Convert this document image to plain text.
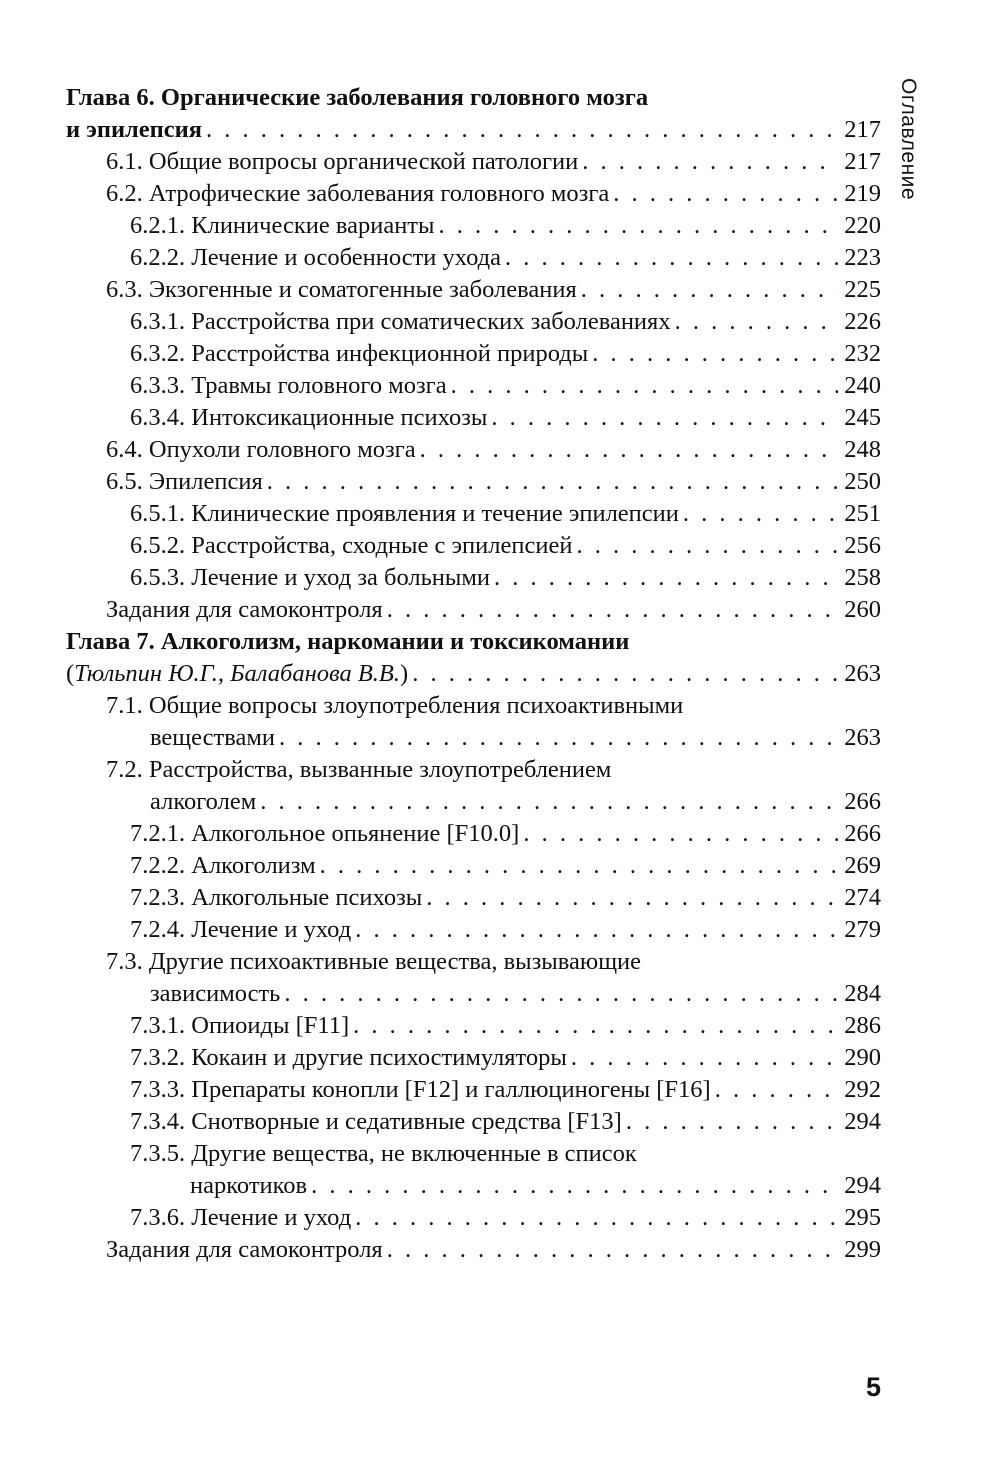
Оглавление
Глава 6. Органические заболевания головного мозга
и эпилепсия . . .	217
6.1. Общие вопросы органической патологии . . .	217
6.2. Атрофические заболевания головного мозга . . .	219
6.2.1. Клинические варианты . . .	220
6.2.2. Лечение и особенности ухода . . .	223
6.3. Экзогенные и соматогенные заболевания . . .	225
6.3.1. Расстройства при соматических заболеваниях . . .	226
6.3.2. Расстройства инфекционной природы . . .	232
6.3.3. Травмы головного мозга . . .	240
6.3.4. Интоксикационные психозы . . .	245
6.4. Опухоли головного мозга . . .	248
6.5. Эпилепсия . . .	250
6.5.1. Клинические проявления и течение эпилепсии . . .	251
6.5.2. Расстройства, сходные с эпилепсией . . .	256
6.5.3. Лечение и уход за больными . . .	258
Задания для самоконтроля . . .	260
Глава 7. Алкоголизм, наркомании и токсикомании
(Тюльпин Ю.Г., Балабанова В.В.) . . .	263
7.1. Общие вопросы злоупотребления психоактивными
веществами . . .	263
7.2. Расстройства, вызванные злоупотреблением
алкоголем . . .	266
7.2.1. Алкогольное опьянение [F10.0] . . .	266
7.2.2. Алкоголизм . . .	269
7.2.3. Алкогольные психозы . . .	274
7.2.4. Лечение и уход . . .	279
7.3. Другие психоактивные вещества, вызывающие
зависимость . . .	284
7.3.1. Опиоиды [F11] . . .	286
7.3.2. Кокаин и другие психостимуляторы . . .	290
7.3.3. Препараты конопли [F12] и галлюциногены [F16] . . .	292
7.3.4. Снотворные и седативные средства [F13] . . .	294
7.3.5. Другие вещества, не включенные в список
наркотиков . . .	294
7.3.6. Лечение и уход . . .	295
Задания для самоконтроля . . .	299
5
